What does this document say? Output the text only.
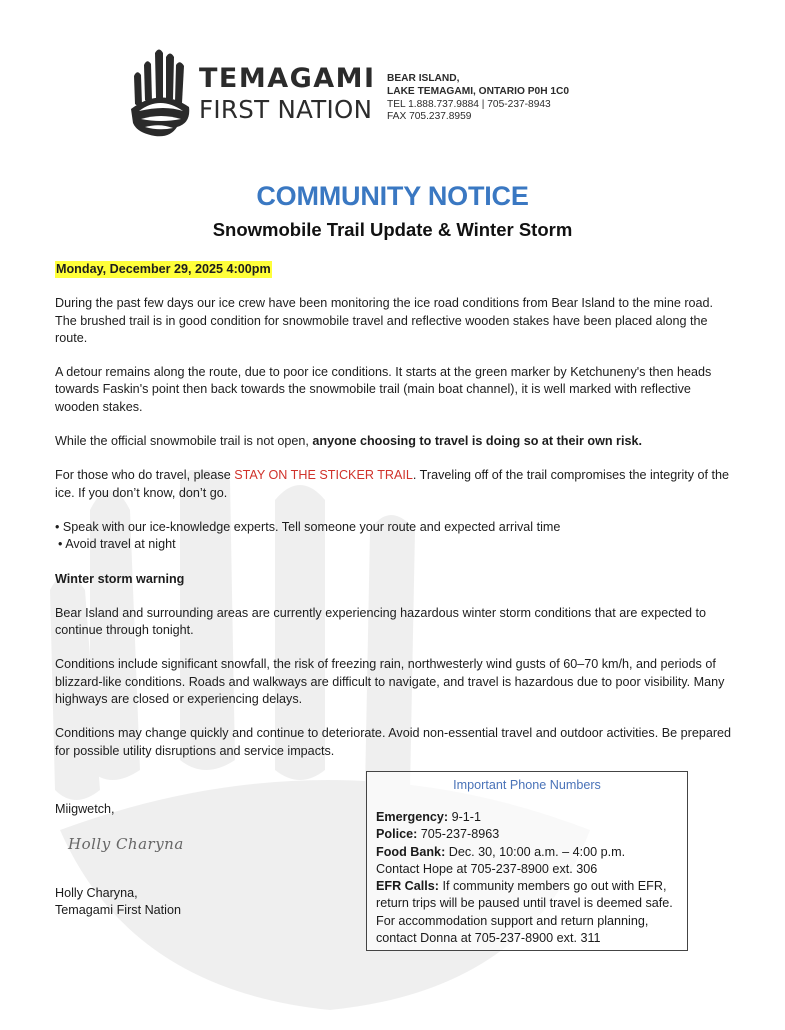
TEMAGAMI
FIRST NATION
BEAR ISLAND,
LAKE TEMAGAMI, ONTARIO P0H 1C0
TEL 1.888.737.9884 | 705-237-8943
FAX 705.237.8959
COMMUNITY NOTICE
Snowmobile Trail Update & Winter Storm

Monday, December 29, 2025 4:00pm

During the past few days our ice crew have been monitoring the ice road conditions from Bear Island to the mine road. The brushed trail is in good condition for snowmobile travel and reflective wooden stakes have been placed along the route.

A detour remains along the route, due to poor ice conditions. It starts at the green marker by Ketchuneny's then heads towards Faskin's point then back towards the snowmobile trail (main boat channel), it is well marked with reflective wooden stakes.

While the official snowmobile trail is not open, anyone choosing to travel is doing so at their own risk.

For those who do travel, please STAY ON THE STICKER TRAIL. Traveling off of the trail compromises the integrity of the ice. If you don’t know, don’t go.

• Speak with our ice-knowledge experts. Tell someone your route and expected arrival time
• Avoid travel at night

Winter storm warning

Bear Island and surrounding areas are currently experiencing hazardous winter storm conditions that are expected to continue through tonight.

Conditions include significant snowfall, the risk of freezing rain, northwesterly wind gusts of 60–70 km/h, and periods of blizzard-like conditions. Roads and walkways are difficult to navigate, and travel is hazardous due to poor visibility. Many highways are closed or experiencing delays.

Conditions may change quickly and continue to deteriorate. Avoid non-essential travel and outdoor activities. Be prepared for possible utility disruptions and service impacts.

Miigwetch,
Holly Charyna
Holly Charyna,
Temagami First Nation
Important Phone Numbers
Emergency: 9-1-1
Police: 705-237-8963
Food Bank: Dec. 30, 10:00 a.m. – 4:00 p.m.
Contact Hope at 705-237-8900 ext. 306
EFR Calls: If community members go out with EFR,
return trips will be paused until travel is deemed safe.
For accommodation support and return planning,
contact Donna at 705-237-8900 ext. 311
